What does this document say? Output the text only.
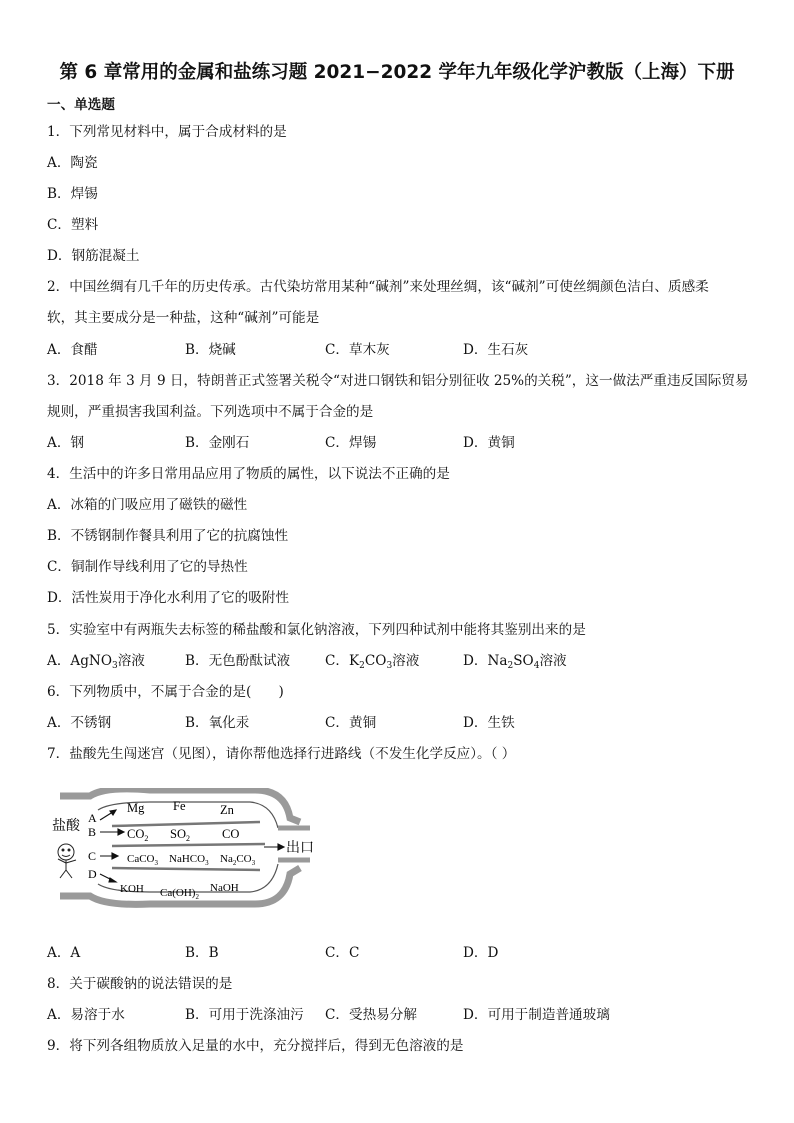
第 6 章常用的金属和盐练习题 2021−2022 学年九年级化学沪教版（上海）下册
一、单选题
1．下列常见材料中，属于合成材料的是
A．陶瓷
B．焊锡
C．塑料
D．钢筋混凝土
2．中国丝绸有几千年的历史传承。古代染坊常用某种“碱剂”来处理丝绸，该“碱剂”可使丝绸颜色洁白、质感柔
软，其主要成分是一种盐，这种“碱剂”可能是
A．食醋	B．烧碱	C．草木灰	D．生石灰
3．2018 年 3 月 9 日，特朗普正式签署关税令“对进口钢铁和铝分别征收 25%的关税”，这一做法严重违反国际贸易
规则，严重损害我国利益。下列选项中不属于合金的是
A．钢	B．金刚石	C．焊锡	D．黄铜
4．生活中的许多日常用品应用了物质的属性，以下说法不正确的是
A．冰箱的门吸应用了磁铁的磁性
B．不锈钢制作餐具利用了它的抗腐蚀性
C．铜制作导线利用了它的导热性
D．活性炭用于净化水利用了它的吸附性
5．实验室中有两瓶失去标签的稀盐酸和氯化钠溶液，下列四种试剂中能将其鉴别出来的是
A．AgNO$_3$溶液	B．无色酚酞试液	C．$K_2CO_3$溶液	D．$Na_2SO_4$溶液
6．下列物质中，不属于合金的是(　　)
A．不锈钢	B．氧化汞	C．黄铜	D．生铁
7．盐酸先生闯迷宫（见图），请你帮他选择行进路线（不发生化学反应）。（ ）
盐酸
A
B
C
D
Mg Fe	Zn
$CO_2$ $SO_2$	CO
CaCO$_3$ NaHCO$_3$ $Na_2CO_3$
出口
KOH $Ca(OH)_2$
NaOH
A．A	B．B	C．C	D．D
8．关于碳酸钠的说法错误的是
A．易溶于水	B．可用于洗涤油污 C．受热易分解	D．可用于制造普通玻璃
9．将下列各组物质放入足量的水中，充分搅拌后，得到无色溶液的是
